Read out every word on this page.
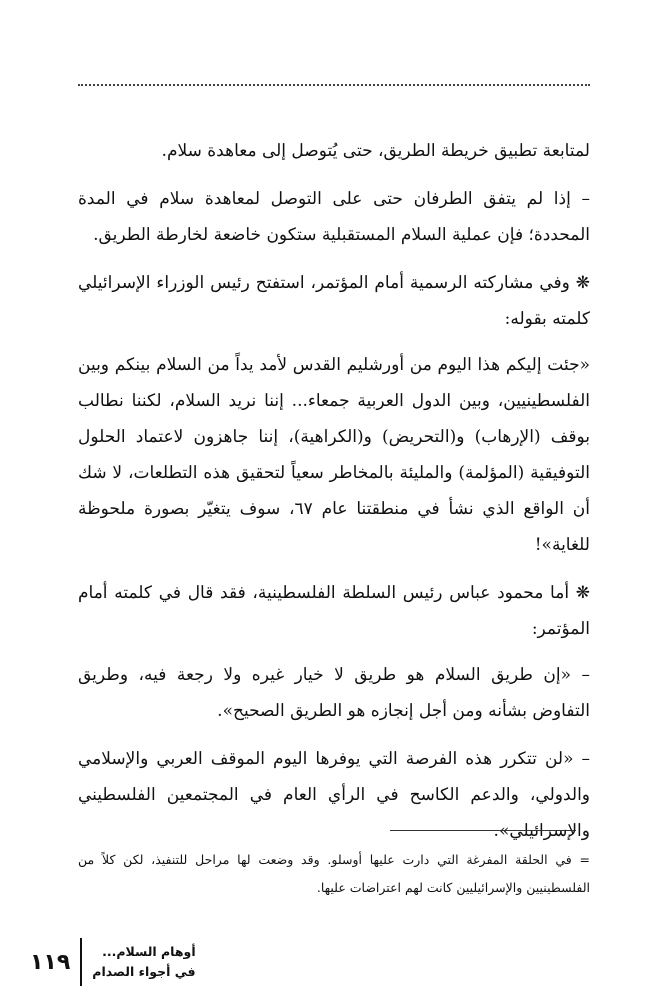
لمتابعة تطبيق خريطة الطريق، حتى يُتوصل إلى معاهدة سلام.

– إذا لم يتفق الطرفان حتى على التوصل لمعاهدة سلام في المدة المحددة؛ فإن عملية السلام المستقبلية ستكون خاضعة لخارطة الطريق.

❋ وفي مشاركته الرسمية أمام المؤتمر، استفتح رئيس الوزراء الإسرائيلي كلمته بقوله:

«جئت إليكم هذا اليوم من أورشليم القدس لأمد يداً من السلام بينكم وبين الفلسطينيين، وبين الدول العربية جمعاء... إننا نريد السلام، لكننا نطالب بوقف (الإرهاب) و(التحريض) و(الكراهية)، إننا جاهزون لاعتماد الحلول التوفيقية (المؤلمة) والمليئة بالمخاطر سعياً لتحقيق هذه التطلعات، لا شك أن الواقع الذي نشأ في منطقتنا عام ٦٧، سوف يتغيّر بصورة ملحوظة للغاية»!

❋ أما محمود عباس رئيس السلطة الفلسطينية، فقد قال في كلمته أمام المؤتمر:

– «إن طريق السلام هو طريق لا خيار غيره ولا رجعة فيه، وطريق التفاوض بشأنه ومن أجل إنجازه هو الطريق الصحيح».

– «لن تتكرر هذه الفرصة التي يوفرها اليوم الموقف العربي والإسلامي والدولي، والدعم الكاسح في الرأي العام في المجتمعين الفلسطيني والإسرائيلي».

= في الحلقة المفرغة التي دارت عليها أوسلو. وقد وضعت لها مراحل للتنفيذ، لكن كلاً من الفلسطينيين والإسرائيليين كانت لهم اعتراضات عليها.

١١٩	أوهام السلام...
في أجواء الصدام
